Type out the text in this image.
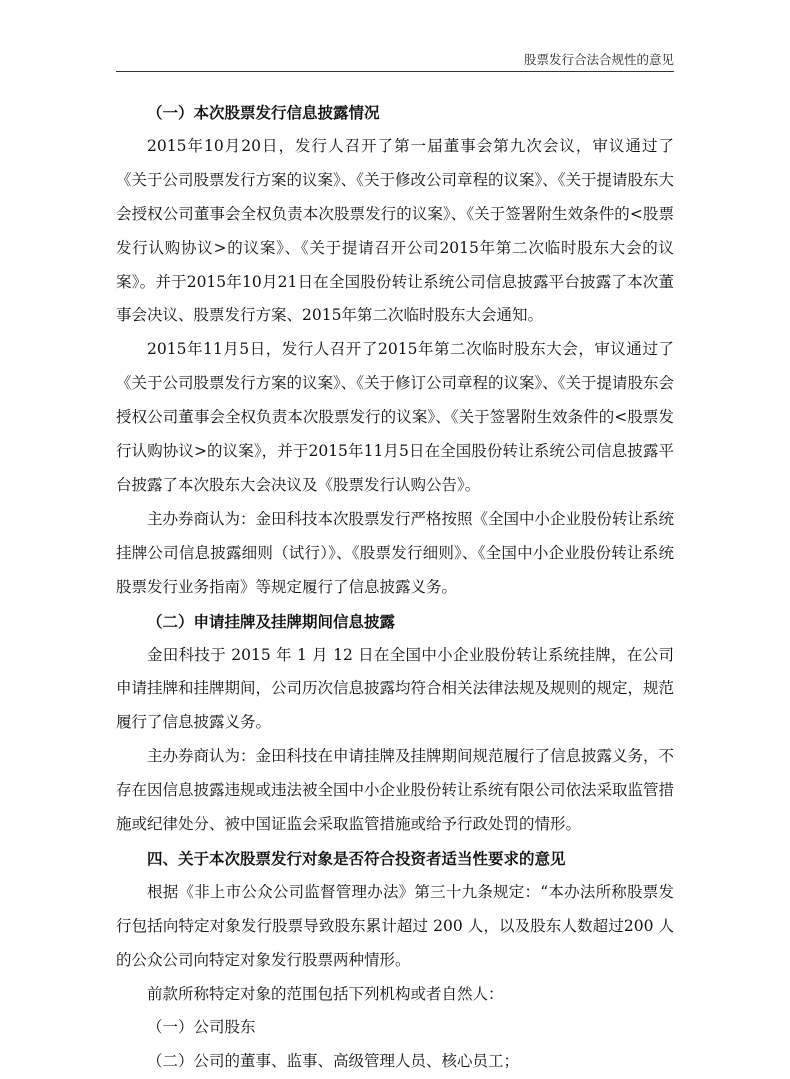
股票发行合法合规性的意见

（一）本次股票发行信息披露情况

2015年10月20日，发行人召开了第一届董事会第九次会议，审议通过了《关于公司股票发行方案的议案》、《关于修改公司章程的议案》、《关于提请股东大会授权公司董事会全权负责本次股票发行的议案》、《关于签署附生效条件的<股票发行认购协议>的议案》、《关于提请召开公司2015年第二次临时股东大会的议案》。并于2015年10月21日在全国股份转让系统公司信息披露平台披露了本次董事会决议、股票发行方案、2015年第二次临时股东大会通知。

2015年11月5日，发行人召开了2015年第二次临时股东大会，审议通过了《关于公司股票发行方案的议案》、《关于修订公司章程的议案》、《关于提请股东会授权公司董事会全权负责本次股票发行的议案》、《关于签署附生效条件的<股票发行认购协议>的议案》，并于2015年11月5日在全国股份转让系统公司信息披露平台披露了本次股东大会决议及《股票发行认购公告》。

主办券商认为：金田科技本次股票发行严格按照《全国中小企业股份转让系统挂牌公司信息披露细则（试行）》、《股票发行细则》、《全国中小企业股份转让系统股票发行业务指南》等规定履行了信息披露义务。

（二）申请挂牌及挂牌期间信息披露

金田科技于 2015 年 1 月 12 日在全国中小企业股份转让系统挂牌，在公司申请挂牌和挂牌期间，公司历次信息披露均符合相关法律法规及规则的规定，规范履行了信息披露义务。

主办券商认为：金田科技在申请挂牌及挂牌期间规范履行了信息披露义务，不存在因信息披露违规或违法被全国中小企业股份转让系统有限公司依法采取监管措施或纪律处分、被中国证监会采取监管措施或给予行政处罚的情形。

四、关于本次股票发行对象是否符合投资者适当性要求的意见

根据《非上市公众公司监督管理办法》第三十九条规定：“本办法所称股票发行包括向特定对象发行股票导致股东累计超过 200 人，以及股东人数超过200 人的公众公司向特定对象发行股票两种情形。

前款所称特定对象的范围包括下列机构或者自然人：

（一）公司股东

（二）公司的董事、监事、高级管理人员、核心员工；
